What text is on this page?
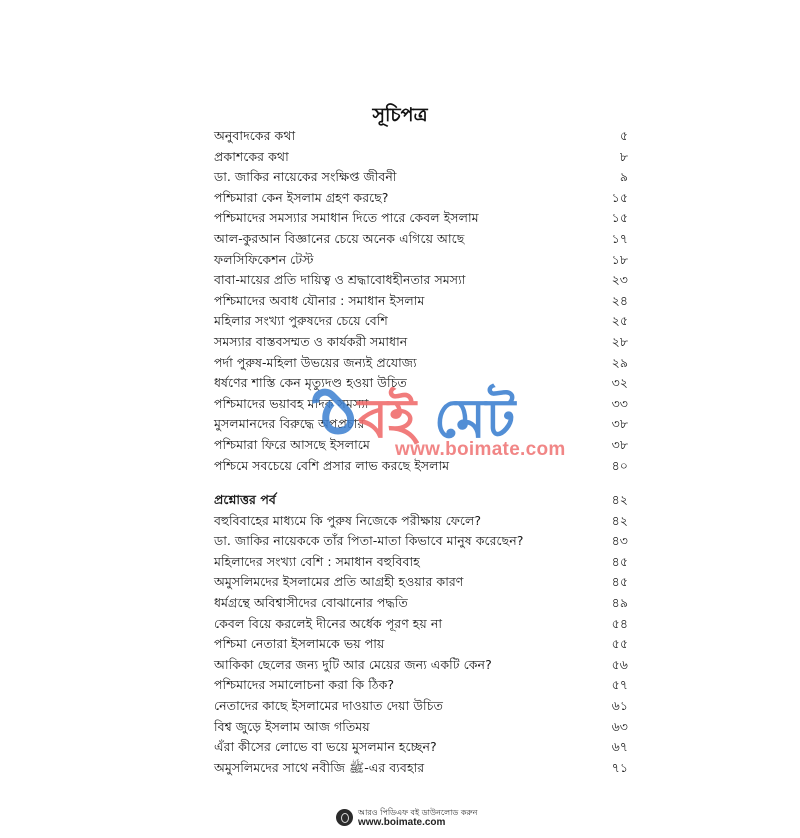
সূচিপত্র
অনুবাদকের কথা	৫
প্রকাশকের কথা	৮
ডা. জাকির নায়েকের সংক্ষিপ্ত জীবনী	৯
পশ্চিমারা কেন ইসলাম গ্রহণ করছে?	১৫
পশ্চিমাদের সমস্যার সমাধান দিতে পারে কেবল ইসলাম	১৫
আল-কুরআন বিজ্ঞানের চেয়ে অনেক এগিয়ে আছে	১৭
ফলসিফিকেশন টেস্ট	১৮
বাবা-মায়ের প্রতি দায়িত্ব ও শ্রদ্ধাবোধহীনতার সমস্যা	২৩
পশ্চিমাদের অবাধ যৌনার : সমাধান ইসলাম	২৪
মহিলার সংখ্যা পুরুষদের চেয়ে বেশি	২৫
সমস্যার বাস্তবসম্মত ও কার্যকরী সমাধান	২৮
পর্দা পুরুষ-মহিলা উভয়ের জন্যই প্রযোজ্য	২৯
ধর্ষণের শাস্তি কেন মৃত্যুদণ্ড হওয়া উচিত	৩২
পশ্চিমাদের ভয়াবহ মাদক সমস্যা	৩৩
মুসলমানদের বিরুদ্ধে অপপ্রচার	৩৮
পশ্চিমারা ফিরে আসছে ইসলামে	৩৮
পশ্চিমে সবচেয়ে বেশি প্রসার লাভ করছে ইসলাম	৪০
প্রশ্নোত্তর পর্ব	৪২
বহুবিবাহের মাধ্যমে কি পুরুষ নিজেকে পরীক্ষায় ফেলে?	৪২
ডা. জাকির নায়েককে তাঁর পিতা-মাতা কিভাবে মানুষ করেছেন?	৪৩
মহিলাদের সংখ্যা বেশি : সমাধান বহুবিবাহ	৪৫
অমুসলিমদের ইসলামের প্রতি আগ্রহী হওয়ার কারণ	৪৫
ধর্মগ্রন্থে অবিশ্বাসীদের বোঝানোর পদ্ধতি	৪৯
কেবল বিয়ে করলেই দীনের অর্ধেক পূরণ হয় না	৫৪
পশ্চিমা নেতারা ইসলামকে ভয় পায়	৫৫
আকিকা ছেলের জন্য দুটি আর মেয়ের জন্য একটি কেন?	৫৬
পশ্চিমাদের সমালোচনা করা কি ঠিক?	৫৭
নেতাদের কাছে ইসলামের দাওয়াত দেয়া উচিত	৬১
বিশ্ব জুড়ে ইসলাম আজ গতিময়	৬৩
এঁরা কীসের লোভে বা ভয়ে মুসলমান হচ্ছেন?	৬৭
অমুসলিমদের সাথে নবীজি ﷺ-এর ব্যবহার	৭১
বই মেট
www.boimate.com
আরও পিডিএফ বই ডাউনলোড করুন
www.boimate.com
